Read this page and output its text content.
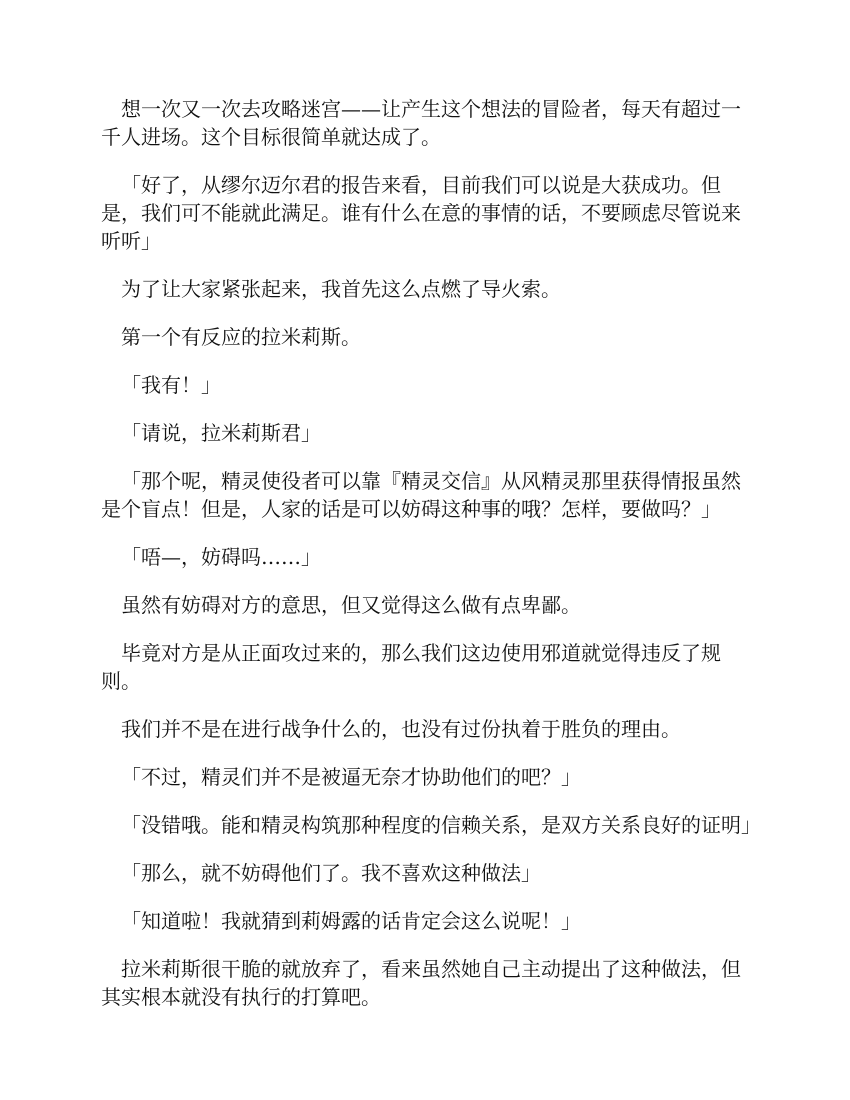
想一次又一次去攻略迷宫——让产生这个想法的冒险者，每天有超过一千人进场。这个目标很简单就达成了。

「好了，从缪尔迈尔君的报告来看，目前我们可以说是大获成功。但是，我们可不能就此满足。谁有什么在意的事情的话，不要顾虑尽管说来听听」

为了让大家紧张起来，我首先这么点燃了导火索。

第一个有反应的拉米莉斯。

「我有！」

「请说，拉米莉斯君」

「那个呢，精灵使役者可以靠『精灵交信』从风精灵那里获得情报虽然是个盲点！但是，人家的话是可以妨碍这种事的哦？怎样，要做吗？」

「唔—，妨碍吗……」

虽然有妨碍对方的意思，但又觉得这么做有点卑鄙。

毕竟对方是从正面攻过来的，那么我们这边使用邪道就觉得违反了规则。

我们并不是在进行战争什么的，也没有过份执着于胜负的理由。

「不过，精灵们并不是被逼无奈才协助他们的吧？」

「没错哦。能和精灵构筑那种程度的信赖关系，是双方关系良好的证明」

「那么，就不妨碍他们了。我不喜欢这种做法」

「知道啦！我就猜到莉姆露的话肯定会这么说呢！」

拉米莉斯很干脆的就放弃了，看来虽然她自己主动提出了这种做法，但其实根本就没有执行的打算吧。
